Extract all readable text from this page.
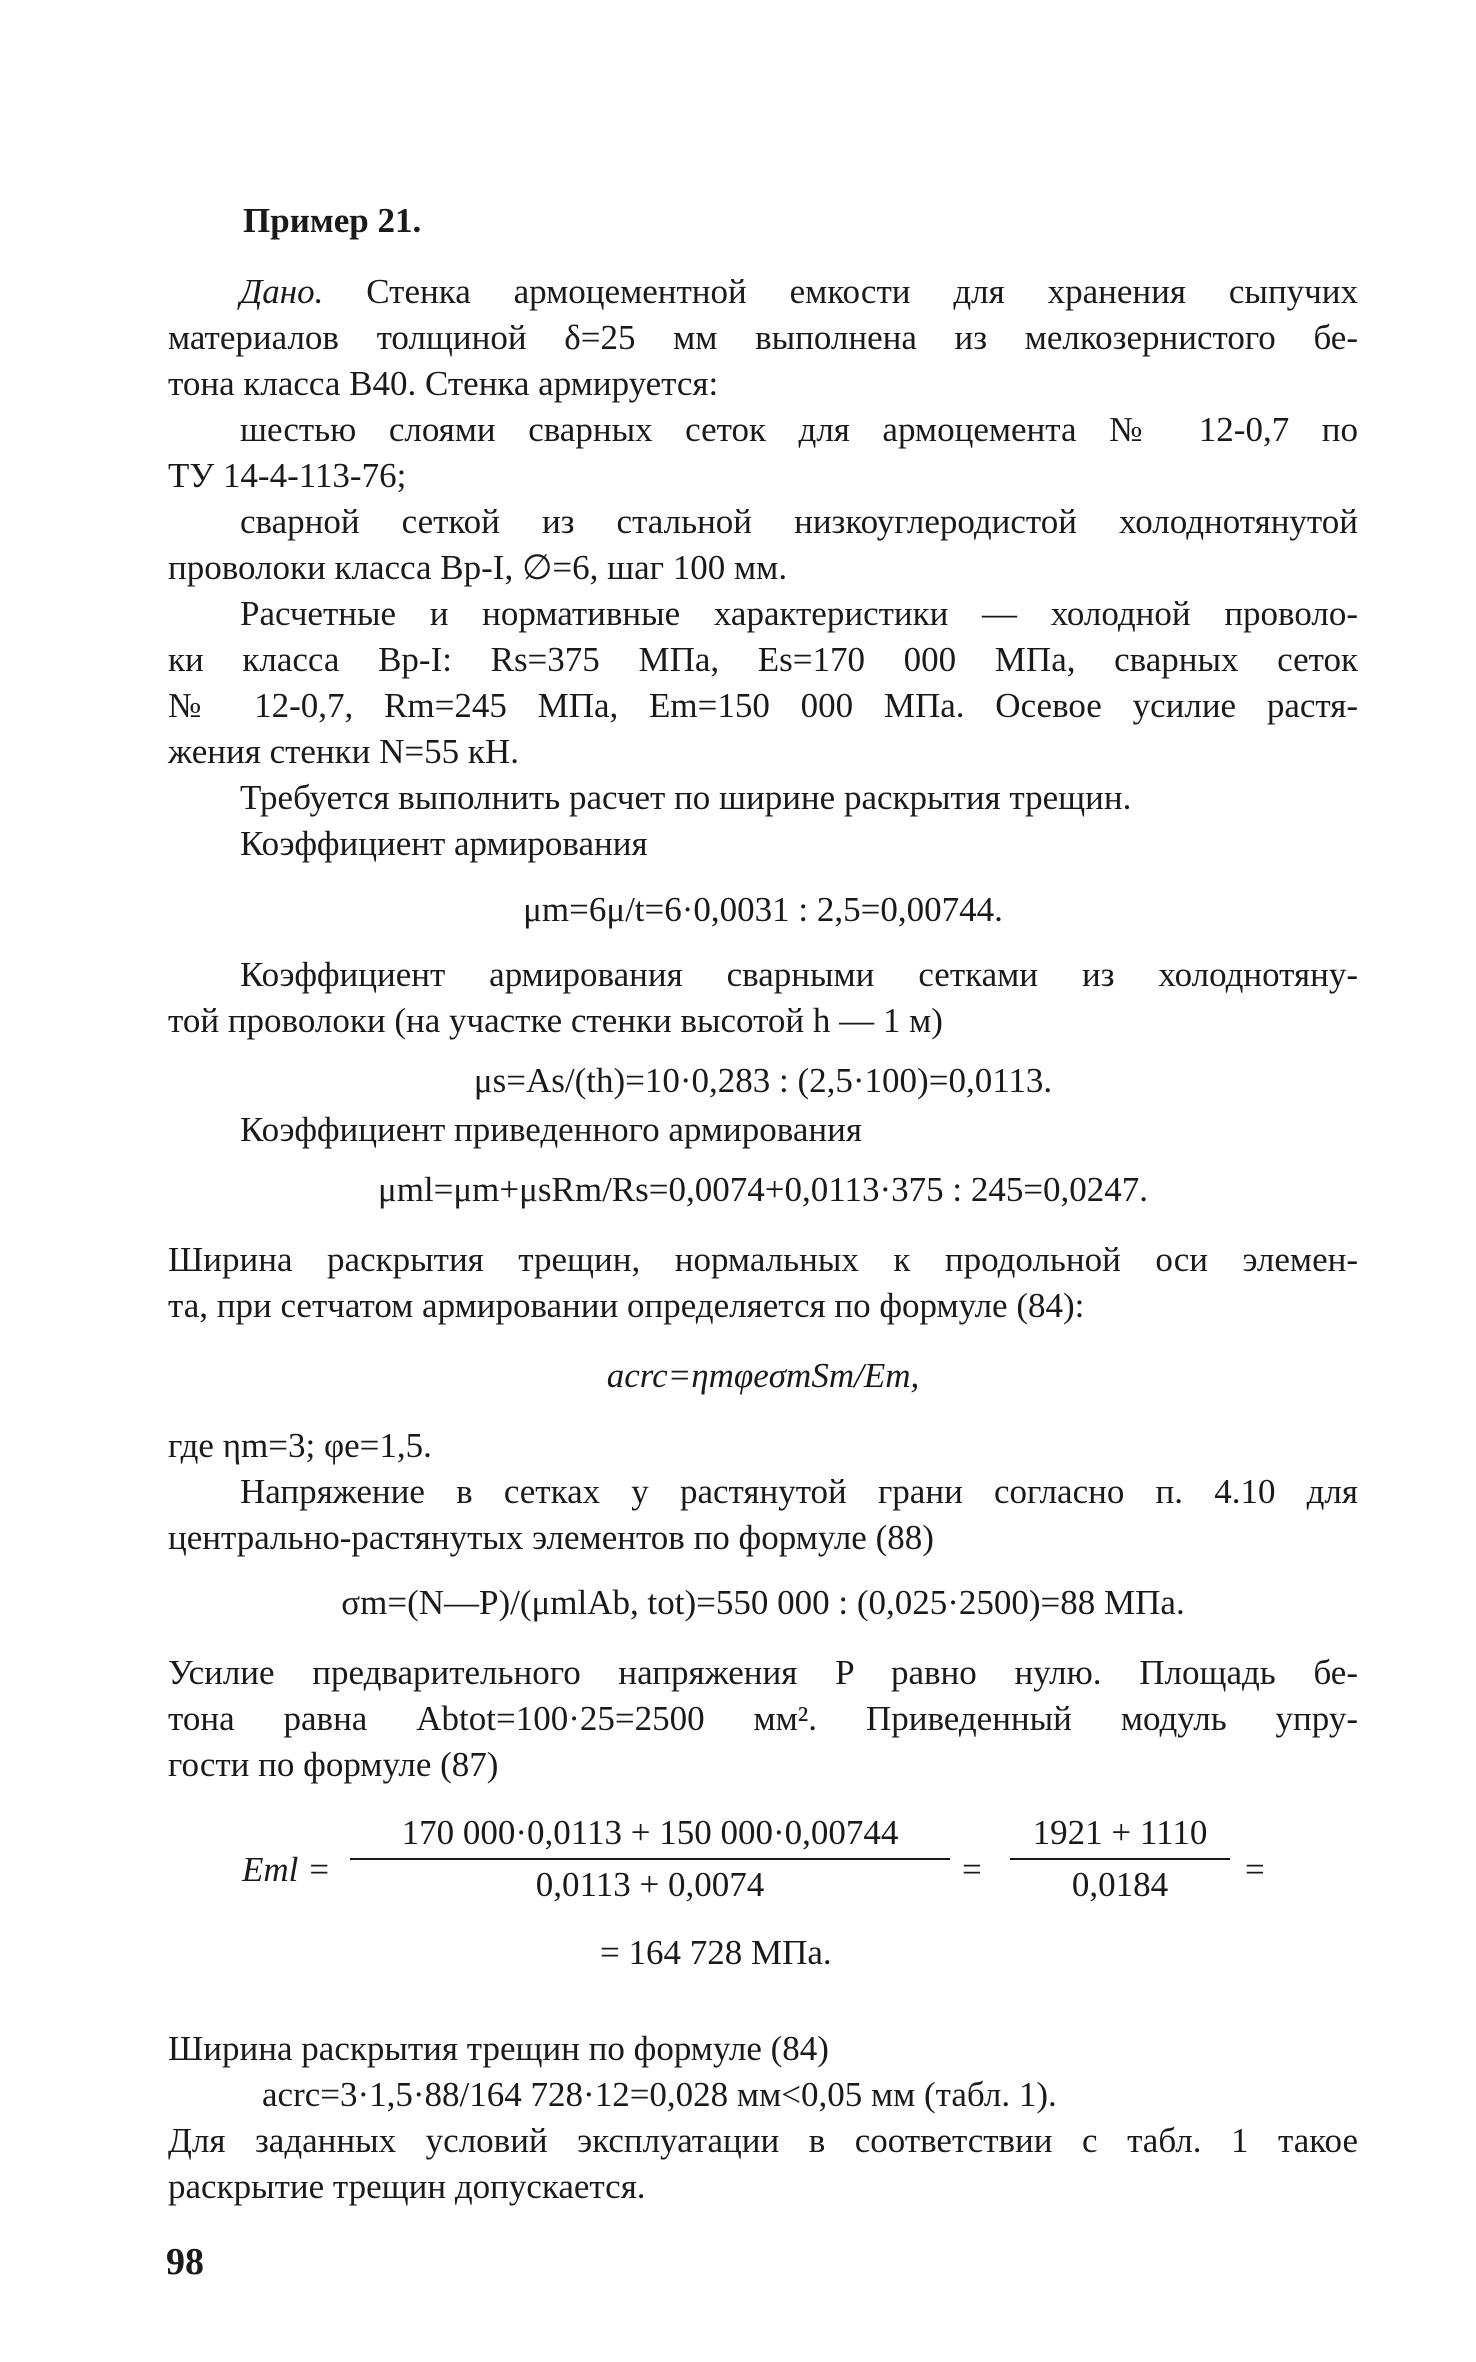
Пример 21.

Дано. Стенка армоцементной емкости для хранения сыпучих

материалов толщиной δ=25 мм выполнена из мелкозернистого бе-

тона класса В40. Стенка армируется:

шестью слоями сварных сеток для армоцемента № 12-0,7 по

ТУ 14-4-113-76;

сварной сеткой из стальной низкоуглеродистой холоднотянутой

проволоки класса Вр-I, ∅=6, шаг 100 мм.

Расчетные и нормативные характеристики — холодной проволо-

ки класса Вр-I: Rs=375 МПа, Es=170 000 МПа, сварных сеток

№ 12-0,7, Rm=245 МПа, Em=150 000 МПа. Осевое усилие растя-

жения стенки N=55 кН.

Требуется выполнить расчет по ширине раскрытия трещин.

Коэффициент армирования

μm=6μ/t=6·0,0031 : 2,5=0,00744.

Коэффициент армирования сварными сетками из холоднотяну-

той проволоки (на участке стенки высотой h — 1 м)

μs=As/(th)=10·0,283 : (2,5·100)=0,0113.

Коэффициент приведенного армирования

μml=μm+μsRm/Rs=0,0074+0,0113·375 : 245=0,0247.

Ширина раскрытия трещин, нормальных к продольной оси элемен-

та, при сетчатом армировании определяется по формуле (84):

acrc=ηmφeσmSm/Em,

где ηm=3; φe=1,5.

Напряжение в сетках у растянутой грани согласно п. 4.10 для

центрально-растянутых элементов по формуле (88)

σm=(N—P)/(μmlAb, tot)=550 000 : (0,025·2500)=88 МПа.

Усилие предварительного напряжения P равно нулю. Площадь бе-

тона равна Abtot=100·25=2500 мм². Приведенный модуль упру-

гости по формуле (87)

Eml =

170 000·0,0113 + 150 000·0,00744

0,0113 + 0,0074	=

1921 + 1110

0,0184	=

= 164 728 МПа.

Ширина раскрытия трещин по формуле (84)

acrc=3·1,5·88/164 728·12=0,028 мм<0,05 мм (табл. 1).

Для заданных условий эксплуатации в соответствии с табл. 1 такое

раскрытие трещин допускается.

98
